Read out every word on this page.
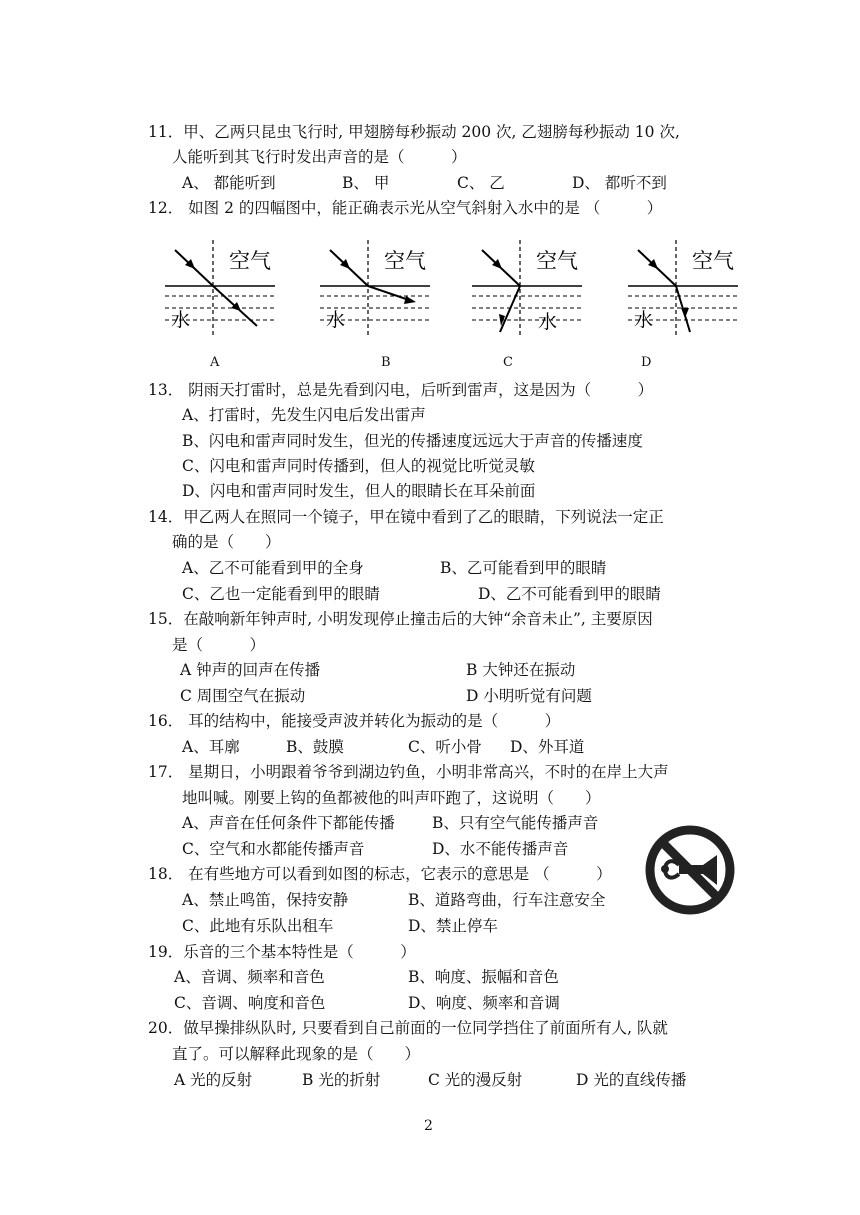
11．甲、乙两只昆虫飞行时, 甲翅膀每秒振动 200 次, 乙翅膀每秒振动 10 次,
人能听到其飞行时发出声音的是（　　　）
A、 都能听到	B、 甲	C、 乙	D、 都听不到
12． 如图 2 的四幅图中，能正确表示光从空气斜射入水中的是 （　　　）
空气
水
空气
水
空气
水
空气
水
A	B	C	D
13． 阴雨天打雷时，总是先看到闪电，后听到雷声，这是因为（　　　）
A、打雷时，先发生闪电后发出雷声
B、闪电和雷声同时发生，但光的传播速度远远大于声音的传播速度
C、闪电和雷声同时传播到，但人的视觉比听觉灵敏
D、闪电和雷声同时发生，但人的眼睛长在耳朵前面
14．甲乙两人在照同一个镜子，甲在镜中看到了乙的眼睛，下列说法一定正
确的是（　　）
A、乙不可能看到甲的全身	B、乙可能看到甲的眼睛
C、乙也一定能看到甲的眼睛	D、乙不可能看到甲的眼睛
15．在敲响新年钟声时, 小明发现停止撞击后的大钟“余音未止”, 主要原因
是（　　　）
A 钟声的回声在传播	B 大钟还在振动
C 周围空气在振动	D 小明听觉有问题
16． 耳的结构中，能接受声波并转化为振动的是（　　　）
A、耳廓	B、鼓膜	C、听小骨 D、外耳道
17． 星期日，小明跟着爷爷到湖边钓鱼，小明非常高兴，不时的在岸上大声
地叫喊。刚要上钩的鱼都被他的叫声吓跑了，这说明（　　）
A、声音在任何条件下都能传播 B、只有空气能传播声音
C、空气和水都能传播声音	D、水不能传播声音
18． 在有些地方可以看到如图的标志，它表示的意思是 （　　　）
A、禁止鸣笛，保持安静	B、道路弯曲，行车注意安全
C、此地有乐队出租车	D、禁止停车
19．乐音的三个基本特性是（　　　）
A、音调、频率和音色	B、响度、振幅和音色
C、音调、响度和音色	D、响度、频率和音调
20．做早操排纵队时, 只要看到自己前面的一位同学挡住了前面所有人, 队就
直了。可以解释此现象的是（　　）
A 光的反射	B 光的折射	C 光的漫反射	D 光的直线传播
2
